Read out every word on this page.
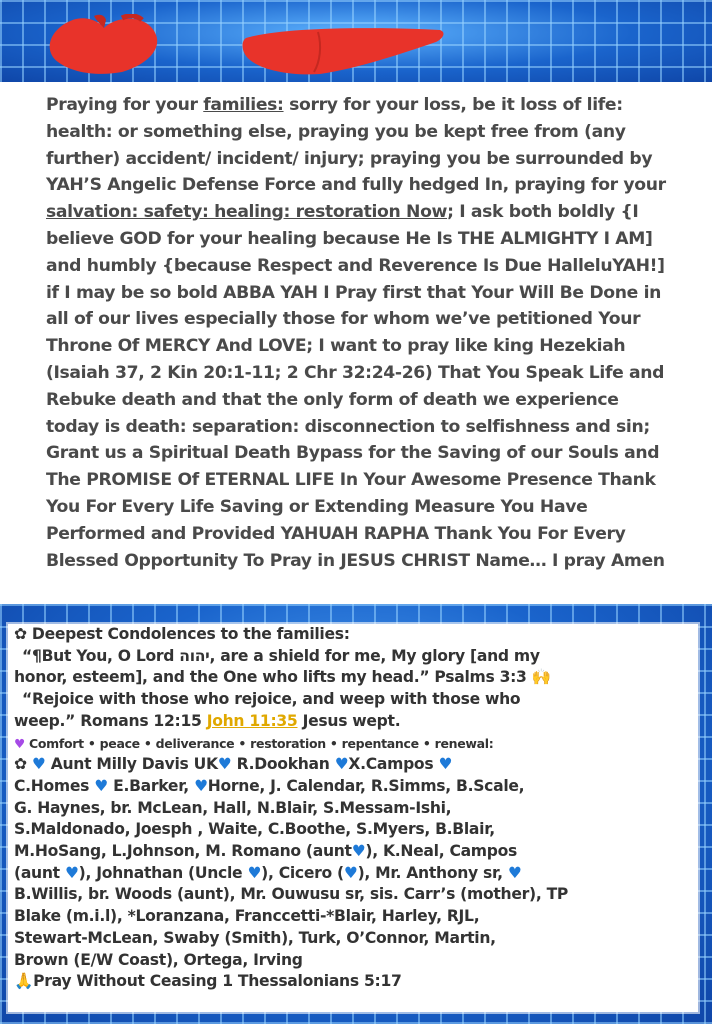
Praying for your families: sorry for your loss, be it loss of life: health: or something else, praying you be kept free from (any further) accident/ incident/ injury; praying you be surrounded by YAH’S Angelic Defense Force and fully hedged In, praying for your salvation: safety: healing: restoration Now; I ask both boldly {I believe GOD for your healing because He Is THE ALMIGHTY I AM] and humbly {because Respect and Reverence Is Due HalleluYAH!] if I may be so bold ABBA YAH I Pray first that Your Will Be Done in all of our lives especially those for whom we’ve petitioned Your Throne Of MERCY And LOVE; I want to pray like king Hezekiah (Isaiah 37, 2 Kin 20:1-11; 2 Chr 32:24-26) That You Speak Life and Rebuke death and that the only form of death we experience today is death: separation: disconnection to selfishness and sin; Grant us a Spiritual Death Bypass for the Saving of our Souls and The PROMISE Of ETERNAL LIFE In Your Awesome Presence Thank You For Every Life Saving or Extending Measure You Have Performed and Provided YAHUAH RAPHA Thank You For Every Blessed Opportunity To Pray in JESUS CHRIST Name… I pray Amen

✿ Deepest Condolences to the families:

“¶But You, O Lord יהוה, are a shield for me, My glory [and my

honor, esteem], and the One who lifts my head.” Psalms 3:3 🙌

“Rejoice with those who rejoice, and weep with those who

weep.” Romans 12:15 John 11:35 Jesus wept.

♥ Comfort • peace • deliverance • restoration • repentance • renewal:

✿ ♥ Aunt Milly Davis UK♥ R.Dookhan ♥X.Campos ♥

C.Homes ♥ E.Barker, ♥Horne, J. Calendar, R.Simms, B.Scale,

G. Haynes, br. McLean, Hall, N.Blair, S.Messam-Ishi,

S.Maldonado, Joesph , Waite, C.Boothe, S.Myers, B.Blair,

M.HoSang, L.Johnson, M. Romano (aunt♥), K.Neal, Campos

(aunt ♥), Johnathan (Uncle ♥), Cicero (♥), Mr. Anthony sr, ♥

B.Willis, br. Woods (aunt), Mr. Ouwusu sr, sis. Carr’s (mother), TP

Blake (m.i.l), *Loranzana, Franccetti-*Blair, Harley, RJL,

Stewart-McLean, Swaby (Smith), Turk, O’Connor, Martin,

Brown (E/W Coast), Ortega, Irving

🙏Pray Without Ceasing 1 Thessalonians 5:17
